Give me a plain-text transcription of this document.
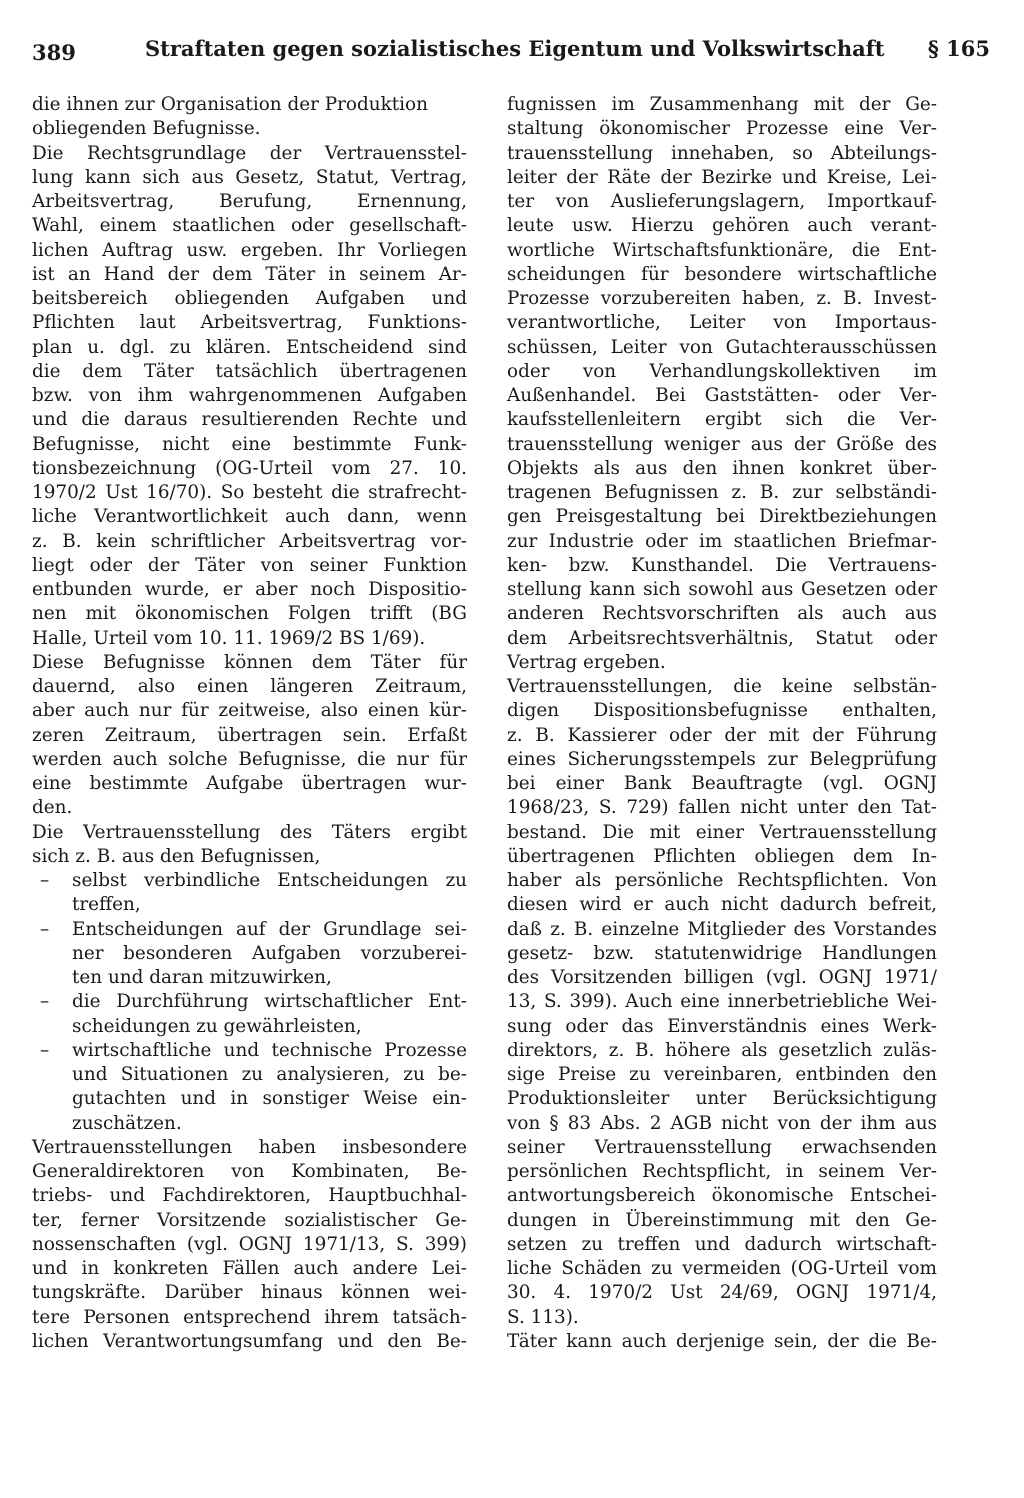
389	Straftaten gegen sozialistisches Eigentum und Volkswirtschaft § 165
die ihnen zur Organisation der Produktion
obliegenden Befugnisse.
Die Rechtsgrundlage der Vertrauensstel-
lung kann sich aus Gesetz, Statut, Vertrag,
Arbeitsvertrag, Berufung, Ernennung,
Wahl, einem staatlichen oder gesellschaft-
lichen Auftrag usw. ergeben. Ihr Vorliegen
ist an Hand der dem Täter in seinem Ar-
beitsbereich obliegenden Aufgaben und
Pflichten laut Arbeitsvertrag, Funktions-
plan u. dgl. zu klären. Entscheidend sind
die dem Täter tatsächlich übertragenen
bzw. von ihm wahrgenommenen Aufgaben
und die daraus resultierenden Rechte und
Befugnisse, nicht eine bestimmte Funk-
tionsbezeichnung (OG-Urteil vom 27. 10.
1970/2 Ust 16/70). So besteht die strafrecht-
liche Verantwortlichkeit auch dann, wenn
z. B. kein schriftlicher Arbeitsvertrag vor-
liegt oder der Täter von seiner Funktion
entbunden wurde, er aber noch Dispositio-
nen mit ökonomischen Folgen trifft (BG
Halle, Urteil vom 10. 11. 1969/2 BS 1/69).
Diese Befugnisse können dem Täter für
dauernd, also einen längeren Zeitraum,
aber auch nur für zeitweise, also einen kür-
zeren Zeitraum, übertragen sein. Erfaßt
werden auch solche Befugnisse, die nur für
eine bestimmte Aufgabe übertragen wur-
den.
Die Vertrauensstellung des Täters ergibt
sich z. B. aus den Befugnissen,
–	selbst verbindliche Entscheidungen zu
treffen,
–	Entscheidungen auf der Grundlage sei-
ner besonderen Aufgaben vorzuberei-
ten und daran mitzuwirken,
–	die Durchführung wirtschaftlicher Ent-
scheidungen zu gewährleisten,
–	wirtschaftliche und technische Prozesse
und Situationen zu analysieren, zu be-
gutachten und in sonstiger Weise ein-
zuschätzen.
Vertrauensstellungen haben insbesondere
Generaldirektoren von Kombinaten, Be-
triebs- und Fachdirektoren, Hauptbuchhal-
ter, ferner Vorsitzende sozialistischer Ge-
nossenschaften (vgl. OGNJ 1971/13, S. 399)
und in konkreten Fällen auch andere Lei-
tungskräfte. Darüber hinaus können wei-
tere Personen entsprechend ihrem tatsäch-
lichen Verantwortungsumfang und den Be-
fugnissen im Zusammenhang mit der Ge-
staltung ökonomischer Prozesse eine Ver-
trauensstellung innehaben, so Abteilungs-
leiter der Räte der Bezirke und Kreise, Lei-
ter von Auslieferungslagern, Importkauf-
leute usw. Hierzu gehören auch verant-
wortliche Wirtschaftsfunktionäre, die Ent-
scheidungen für besondere wirtschaftliche
Prozesse vorzubereiten haben, z. B. Invest-
verantwortliche, Leiter von Importaus-
schüssen, Leiter von Gutachterausschüssen
oder von Verhandlungskollektiven im
Außenhandel. Bei Gaststätten- oder Ver-
kaufsstellenleitern ergibt sich die Ver-
trauensstellung weniger aus der Größe des
Objekts als aus den ihnen konkret über-
tragenen Befugnissen z. B. zur selbständi-
gen Preisgestaltung bei Direktbeziehungen
zur Industrie oder im staatlichen Briefmar-
ken- bzw. Kunsthandel. Die Vertrauens-
stellung kann sich sowohl aus Gesetzen oder
anderen Rechtsvorschriften als auch aus
dem Arbeitsrechtsverhältnis, Statut oder
Vertrag ergeben.
Vertrauensstellungen, die keine selbstän-
digen Dispositionsbefugnisse enthalten,
z. B. Kassierer oder der mit der Führung
eines Sicherungsstempels zur Belegprüfung
bei einer Bank Beauftragte (vgl. OGNJ
1968/23, S. 729) fallen nicht unter den Tat-
bestand. Die mit einer Vertrauensstellung
übertragenen Pflichten obliegen dem In-
haber als persönliche Rechtspflichten. Von
diesen wird er auch nicht dadurch befreit,
daß z. B. einzelne Mitglieder des Vorstandes
gesetz- bzw. statutenwidrige Handlungen
des Vorsitzenden billigen (vgl. OGNJ 1971/
13, S. 399). Auch eine innerbetriebliche Wei-
sung oder das Einverständnis eines Werk-
direktors, z. B. höhere als gesetzlich zuläs-
sige Preise zu vereinbaren, entbinden den
Produktionsleiter unter Berücksichtigung
von § 83 Abs. 2 AGB nicht von der ihm aus
seiner Vertrauensstellung erwachsenden
persönlichen Rechtspflicht, in seinem Ver-
antwortungsbereich ökonomische Entschei-
dungen in Übereinstimmung mit den Ge-
setzen zu treffen und dadurch wirtschaft-
liche Schäden zu vermeiden (OG-Urteil vom
30. 4. 1970/2 Ust 24/69, OGNJ 1971/4,
S. 113).
Täter kann auch derjenige sein, der die Be-
